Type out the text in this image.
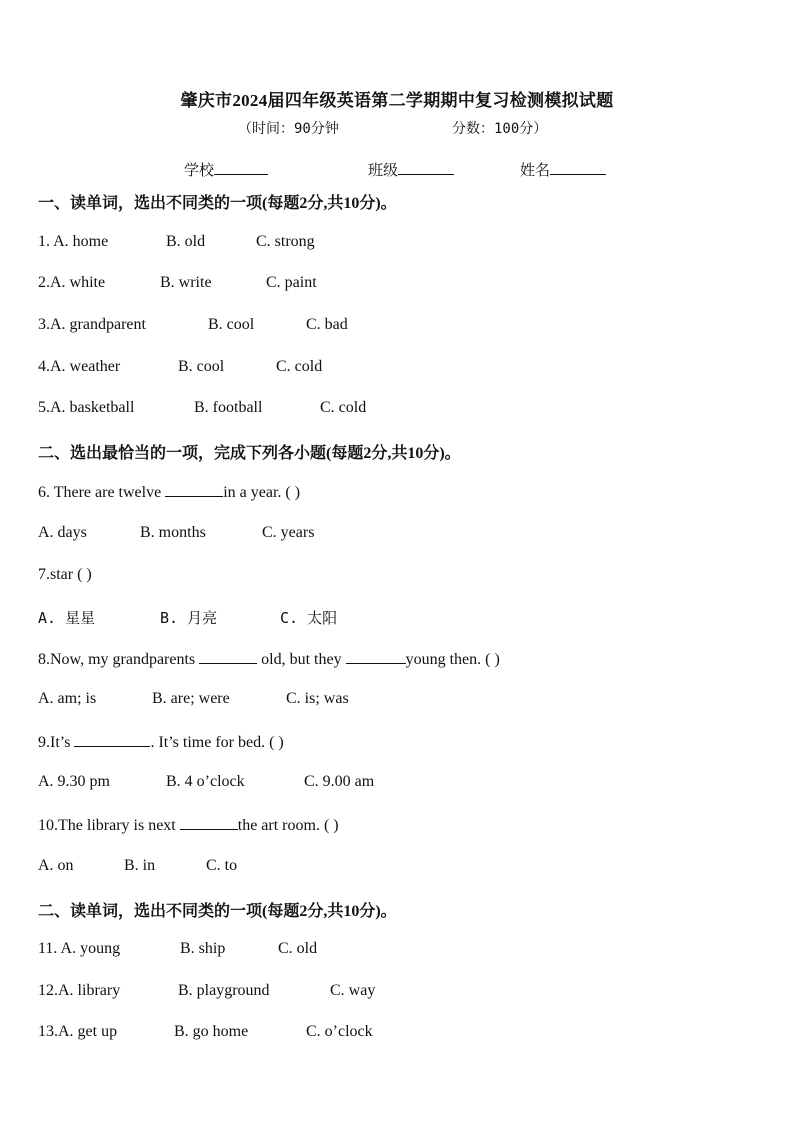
肇庆市2024届四年级英语第二学期期中复习检测模拟试题
（时间：90分钟	分数：100分）
学校	班级	姓名
一、读单词，选出不同类的一项(每题2分,共10分)。
1. A. home	B. old	C. strong
2.A. white	B. write	C. paint
3.A. grandparent	B. cool	C. bad
4.A. weather	B. cool	C. cold
5.A. basketball	B. football	C. cold
二、选出最恰当的一项，完成下列各小题(每题2分,共10分)。
6. There are twelve	in a year. ( )
A. days	B. months	C. years
7.star ( )
A. 星星	B. 月亮	C. 太阳
8.Now, my grandparents	old, but they	young then. ( )
A. am; is	B. are; were	C. is; was
9.It’s	. It’s time for bed. ( )
A. 9.30 pm	B. 4 o’clock	C. 9.00 am
10.The library is next	the art room. ( )
A. on	B. in	C. to
二、读单词，选出不同类的一项(每题2分,共10分)。
11. A. young	B. ship	C. old
12.A. library	B. playground	C. way
13.A. get up	B. go home	C. o’clock
